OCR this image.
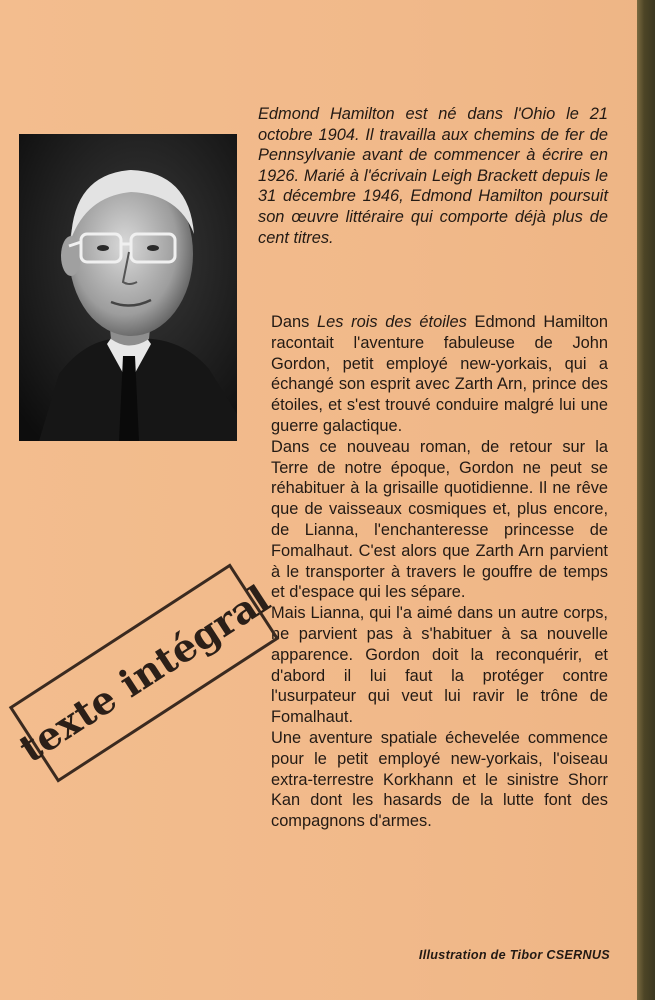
Edmond Hamilton est né dans l'Ohio le 21 octobre 1904. Il travailla aux chemins de fer de Pennsylvanie avant de commencer à écrire en 1926. Marié à l'écrivain Leigh Brackett depuis le 31 décembre 1946, Edmond Hamilton poursuit son œuvre littéraire qui comporte déjà plus de cent titres.

Dans Les rois des étoiles Edmond Hamilton racontait l'aventure fabuleuse de John Gordon, petit employé new-yorkais, qui a échangé son esprit avec Zarth Arn, prince des étoiles, et s'est trouvé conduire malgré lui une guerre galactique.

Dans ce nouveau roman, de retour sur la Terre de notre époque, Gordon ne peut se réhabituer à la grisaille quotidienne. Il ne rêve que de vaisseaux cosmiques et, plus encore, de Lianna, l'enchanteresse princesse de Fomalhaut. C'est alors que Zarth Arn parvient à le transporter à travers le gouffre de temps et d'espace qui les sépare.

Mais Lianna, qui l'a aimé dans un autre corps, ne parvient pas à s'habituer à sa nouvelle apparence. Gordon doit la reconquérir, et d'abord il lui faut la protéger contre l'usurpateur qui veut lui ravir le trône de Fomalhaut.

Une aventure spatiale échevelée commence pour le petit employé new-yorkais, l'oiseau extra-terrestre Korkhann et le sinistre Shorr Kan dont les hasards de la lutte font des compagnons d'armes.

texte intégral
Illustration de Tibor CSERNUS
